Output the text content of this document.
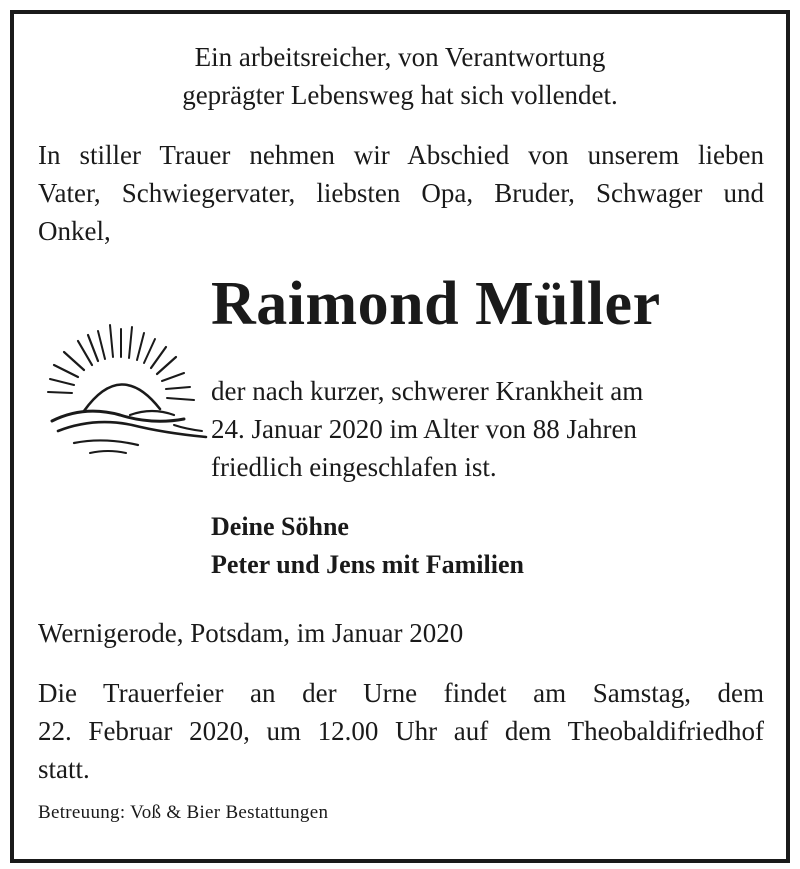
Ein arbeitsreicher, von Verantwortung
geprägter Lebensweg hat sich vollendet.
In stiller Trauer nehmen wir Abschied von unserem lieben
Vater, Schwiegervater, liebsten Opa, Bruder, Schwager und
Onkel,
Raimond Müller
der nach kurzer, schwerer Krankheit am
24. Januar 2020 im Alter von 88 Jahren
friedlich eingeschlafen ist.
Deine Söhne
Peter und Jens mit Familien
Wernigerode, Potsdam, im Januar 2020
Die Trauerfeier an der Urne findet am Samstag, dem
22. Februar 2020, um 12.00 Uhr auf dem Theobaldifriedhof
statt.
Betreuung: Voß & Bier Bestattungen
